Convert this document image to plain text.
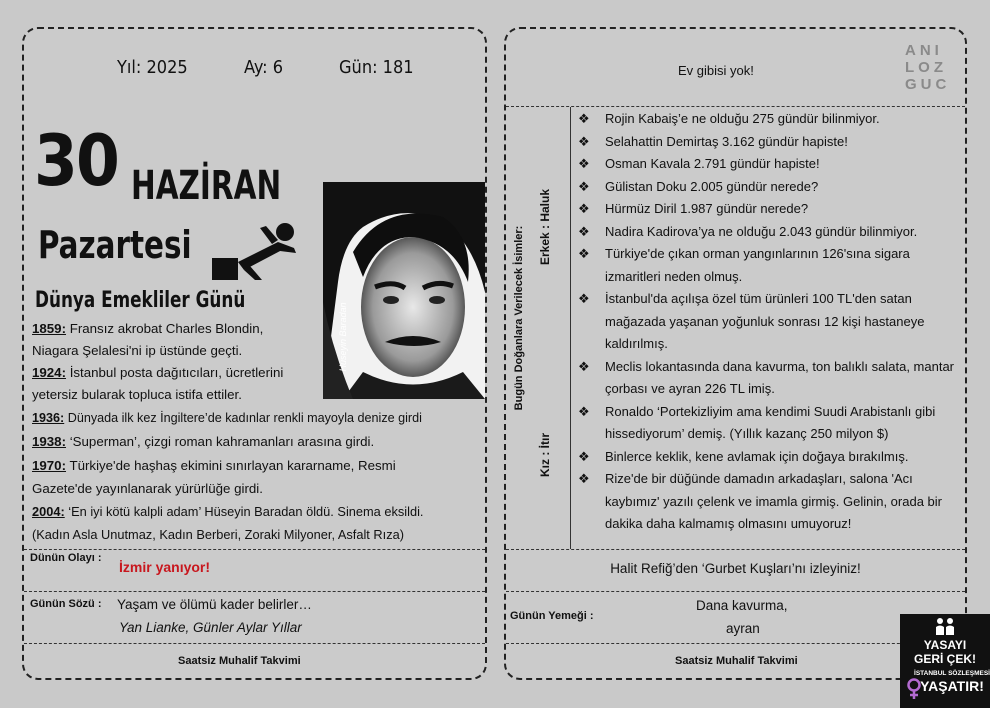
Yıl: 2025	Ay: 6	Gün: 181
30 HAZİRAN
Pazartesi
Dünya Emekliler Günü
Hüseyin Baradan
1859: Fransız akrobat Charles Blondin,
Niagara Şelalesi'ni ip üstünde geçti.
1924: İstanbul posta dağıtıcıları, ücretlerini
yetersiz bularak topluca istifa ettiler.
1936: Dünyada ilk kez İngiltere’de kadınlar renkli mayoyla denize girdi
1938: ‘Superman’, çizgi roman kahramanları arasına girdi.
1970: Türkiye'de haşhaş ekimini sınırlayan kararname, Resmi
Gazete'de yayınlanarak yürürlüğe girdi.
2004: ‘En iyi kötü kalpli adam’ Hüseyin Baradan öldü. Sinema eksildi.
(Kadın Asla Unutmaz, Kadın Berberi, Zoraki Milyoner, Asfalt Rıza)
Dünün Olayı :
İzmir yanıyor!
Günün Sözü : Yaşam ve ölümü kader belirler…
Yan Lianke, Günler Aylar Yıllar
Saatsiz Muhalif Takvimi
Ev gibisi yok!
ANI
LOZ
GUC
Bugün Doğanlara Verilecek İsimler: Erkek : Haluk
Kız : İtır
❖ Rojin Kabaiş’e ne olduğu 275 gündür bilinmiyor.
❖ Selahattin Demirtaş 3.162 gündür hapiste!
❖ Osman Kavala 2.791 gündür hapiste!
❖ Gülistan Doku 2.005 gündür nerede?
❖ Hürmüz Diril 1.987 gündür nerede?
❖ Nadira Kadirova’ya ne olduğu 2.043 gündür bilinmiyor.
❖ Türkiye'de çıkan orman yangınlarının 126'sına sigara izmaritleri neden olmuş.
❖ İstanbul'da açılışa özel tüm ürünleri 100 TL'den satan mağazada yaşanan yoğunluk sonrası 12 kişi hastaneye kaldırılmış.
❖ Meclis lokantasında dana kavurma, ton balıklı salata, mantar çorbası ve ayran 226 TL imiş.
❖ Ronaldo ‘Portekizliyim ama kendimi Suudi Arabistanlı gibi hissediyorum’ demiş. (Yıllık kazanç 250 milyon $)
❖ Binlerce keklik, kene avlamak için doğaya bırakılmış.
❖ Rize'de bir düğünde damadın arkadaşları, salona 'Acı kaybımız' yazılı çelenk ve imamla girmiş. Gelinin, orada bir dakika daha kalmamış olmasını umuyoruz!
Halit Refiğ’den ‘Gurbet Kuşları’nı izleyiniz!
Günün Yemeği :
Dana kavurma,
ayran
Saatsiz Muhalif Takvimi
YASAYI
GERİ ÇEK!
İSTANBUL SÖZLEŞMESİ
YAŞATIR!
